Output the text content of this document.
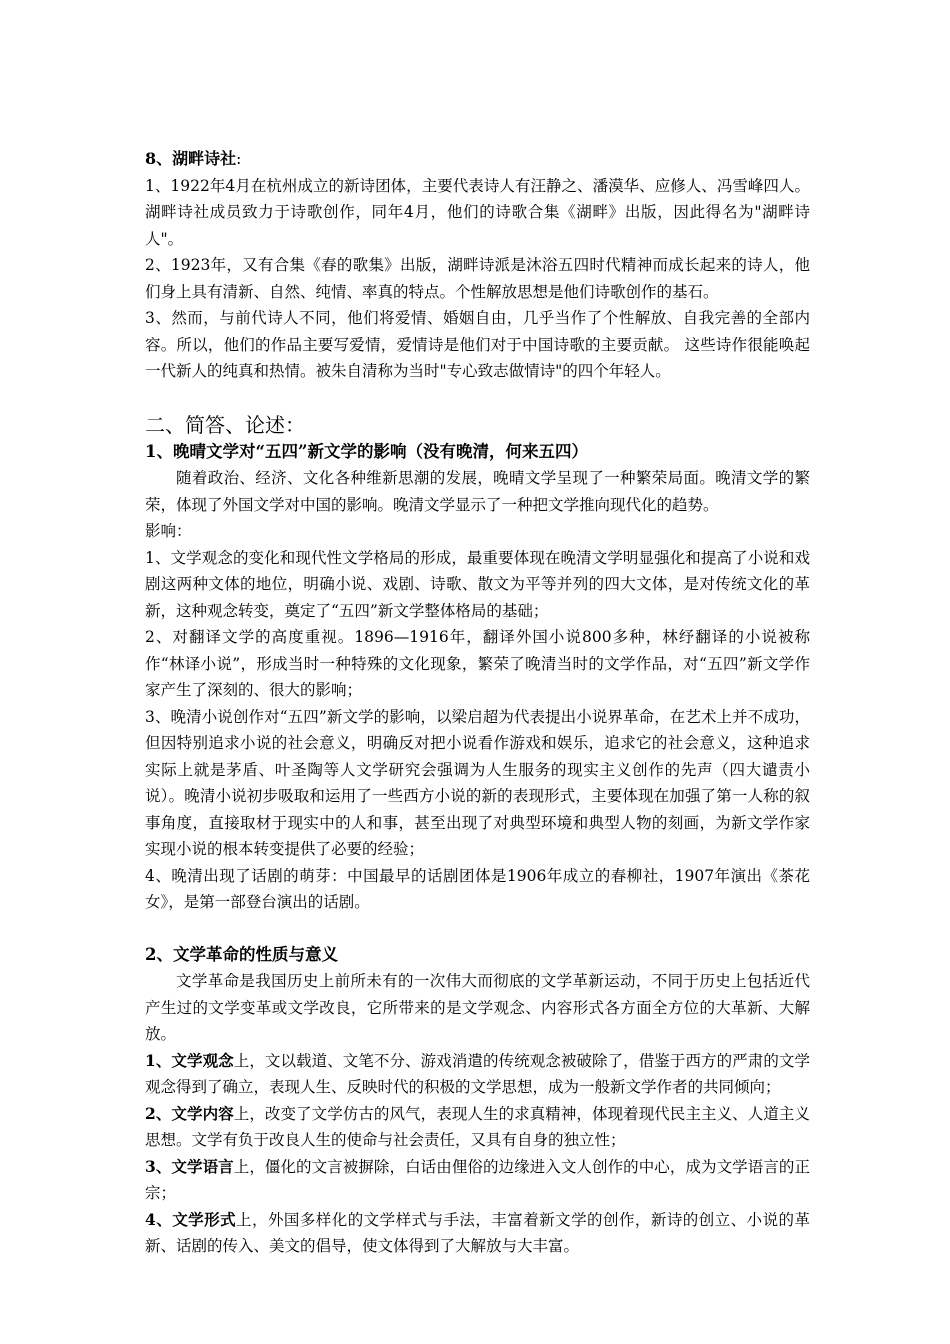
8、湖畔诗社:

1、1922年4月在杭州成立的新诗团体，主要代表诗人有汪静之、潘漠华、应修人、冯雪峰四人。湖畔诗社成员致力于诗歌创作，同年4月，他们的诗歌合集《湖畔》出版，因此得名为"湖畔诗人"。

2、1923年，又有合集《春的歌集》出版，湖畔诗派是沐浴五四时代精神而成长起来的诗人，他们身上具有清新、自然、纯情、率真的特点。个性解放思想是他们诗歌创作的基石。

3、然而，与前代诗人不同，他们将爱情、婚姻自由，几乎当作了个性解放、自我完善的全部内容。所以，他们的作品主要写爱情，爱情诗是他们对于中国诗歌的主要贡献。 这些诗作很能唤起一代新人的纯真和热情。被朱自清称为当时"专心致志做情诗"的四个年轻人。

二、简答、论述：

1、晚晴文学对“五四”新文学的影响（没有晚清，何来五四）

随着政治、经济、文化各种维新思潮的发展，晚晴文学呈现了一种繁荣局面。晚清文学的繁荣，体现了外国文学对中国的影响。晚清文学显示了一种把文学推向现代化的趋势。

影响：

1、文学观念的变化和现代性文学格局的形成，最重要体现在晚清文学明显强化和提高了小说和戏剧这两种文体的地位，明确小说、戏剧、诗歌、散文为平等并列的四大文体，是对传统文化的革新，这种观念转变，奠定了“五四”新文学整体格局的基础；

2、对翻译文学的高度重视。1896—1916年，翻译外国小说800多种，林纾翻译的小说被称作“林译小说”，形成当时一种特殊的文化现象，繁荣了晚清当时的文学作品，对“五四”新文学作家产生了深刻的、很大的影响；

3、晚清小说创作对“五四”新文学的影响，以梁启超为代表提出小说界革命，在艺术上并不成功，但因特别追求小说的社会意义，明确反对把小说看作游戏和娱乐，追求它的社会意义，这种追求实际上就是茅盾、叶圣陶等人文学研究会强调为人生服务的现实主义创作的先声（四大谴责小说）。晚清小说初步吸取和运用了一些西方小说的新的表现形式，主要体现在加强了第一人称的叙事角度，直接取材于现实中的人和事，甚至出现了对典型环境和典型人物的刻画，为新文学作家实现小说的根本转变提供了必要的经验；

4、晚清出现了话剧的萌芽：中国最早的话剧团体是1906年成立的春柳社，1907年演出《茶花女》，是第一部登台演出的话剧。

2、文学革命的性质与意义

文学革命是我国历史上前所未有的一次伟大而彻底的文学革新运动，不同于历史上包括近代产生过的文学变革或文学改良，它所带来的是文学观念、内容形式各方面全方位的大革新、大解放。

1、文学观念上，文以载道、文笔不分、游戏消遣的传统观念被破除了，借鉴于西方的严肃的文学观念得到了确立，表现人生、反映时代的积极的文学思想，成为一般新文学作者的共同倾向；

2、文学内容上，改变了文学仿古的风气，表现人生的求真精神，体现着现代民主主义、人道主义思想。文学有负于改良人生的使命与社会责任，又具有自身的独立性；

3、文学语言上，僵化的文言被摒除，白话由俚俗的边缘进入文人创作的中心，成为文学语言的正宗；

4、文学形式上，外国多样化的文学样式与手法，丰富着新文学的创作，新诗的创立、小说的革新、话剧的传入、美文的倡导，使文体得到了大解放与大丰富。
